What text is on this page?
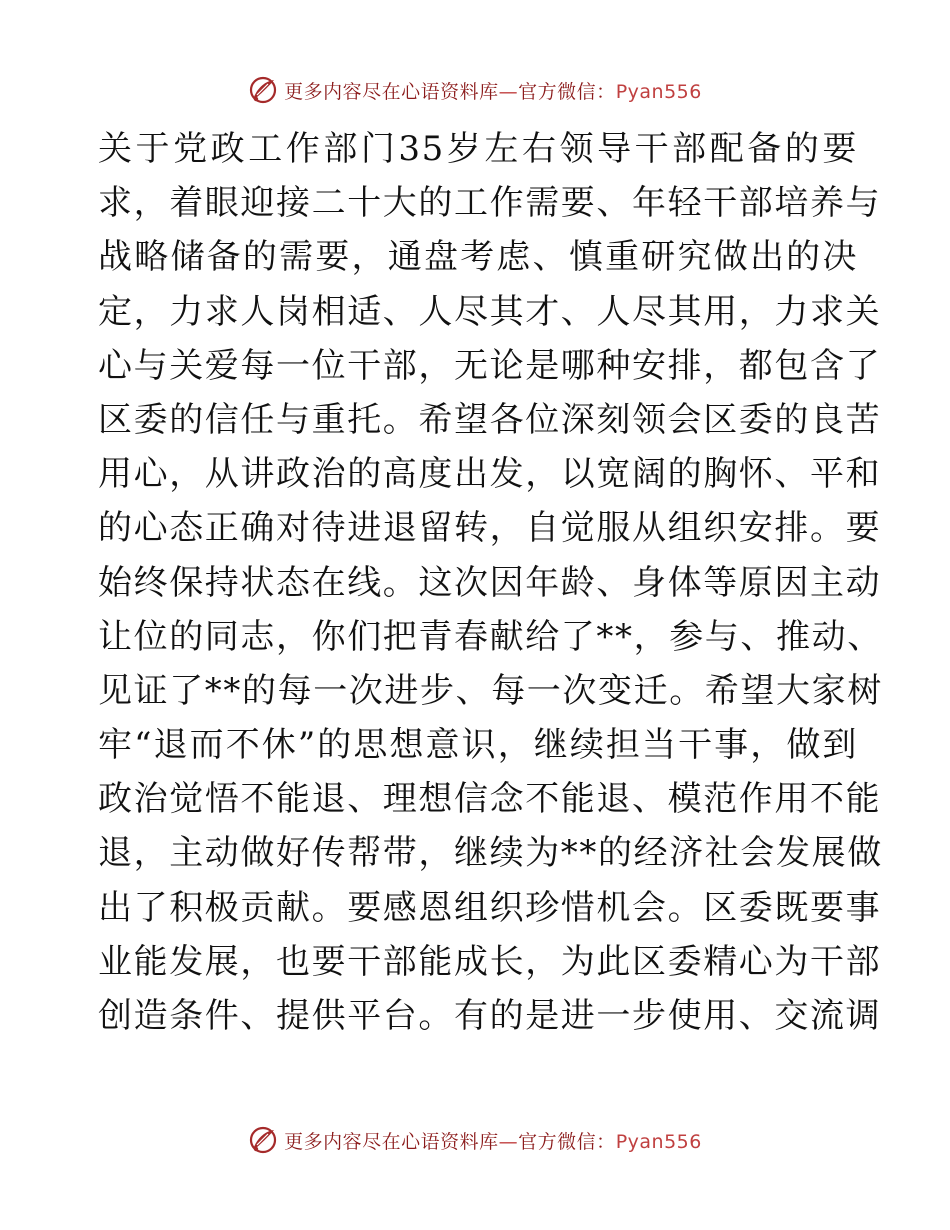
更多内容尽在心语资料库—官方微信：Pyan556
关于党政工作部门35岁左右领导干部配备的要
求，着眼迎接二十大的工作需要、年轻干部培养与
战略储备的需要，通盘考虑、慎重研究做出的决
定，力求人岗相适、人尽其才、人尽其用，力求关
心与关爱每一位干部，无论是哪种安排，都包含了
区委的信任与重托。希望各位深刻领会区委的良苦
用心，从讲政治的高度出发，以宽阔的胸怀、平和
的心态正确对待进退留转，自觉服从组织安排。要
始终保持状态在线。这次因年龄、身体等原因主动
让位的同志，你们把青春献给了**，参与、推动、
见证了**的每一次进步、每一次变迁。希望大家树
牢“退而不休”的思想意识，继续担当干事，做到
政治觉悟不能退、理想信念不能退、模范作用不能
退，主动做好传帮带，继续为**的经济社会发展做
出了积极贡献。要感恩组织珍惜机会。区委既要事
业能发展，也要干部能成长，为此区委精心为干部
创造条件、提供平台。有的是进一步使用、交流调
更多内容尽在心语资料库—官方微信：Pyan556
